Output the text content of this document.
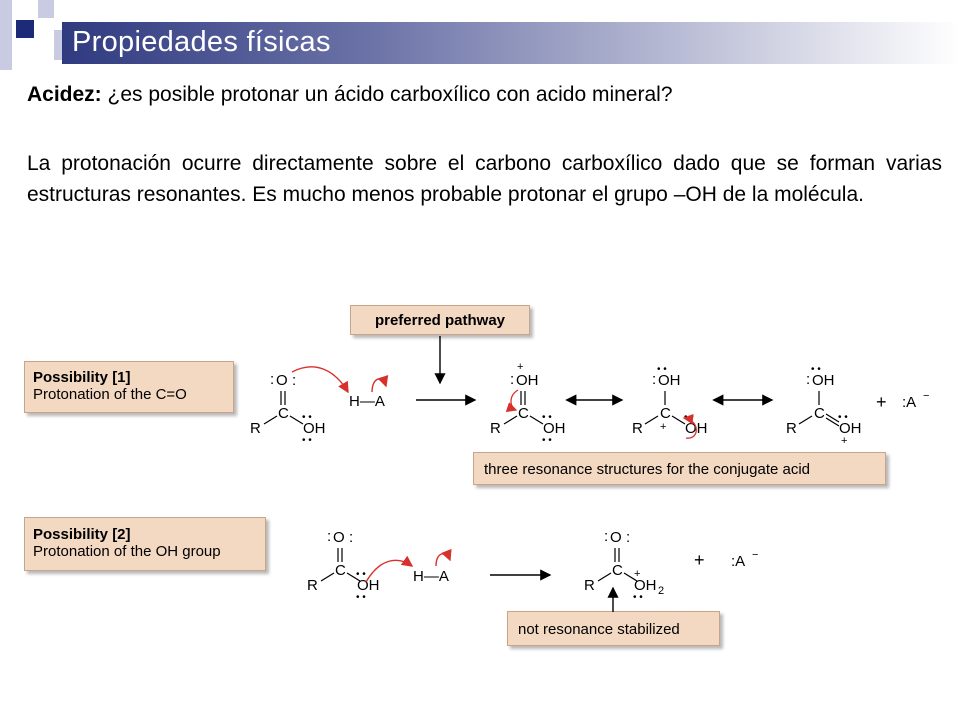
Propiedades físicas
Acidez: ¿es posible protonar un ácido carboxílico con acido mineral?
La protonación ocurre directamente sobre el carbono carboxílico dado que se forman varias estructuras resonantes. Es mucho menos probable protonar el grupo –OH de la molécula.
preferred pathway
Possibility [1]
Protonation of the C=O
three resonance structures for the conjugate acid
Possibility [2]
Protonation of the OH group
not resonance stabilized
: O :
C
R	OH
• •
• •
H—A
+
: OH
C
R	OH
• •
• •
: OH
• •
C
+
R	OH
• •
: OH
• •
C
R	OH
• •
+
+ :A −
: O :
C
R	OH
• •
• •
H—A
: O :
C
R
+
OH 2
• •
+ :A −
